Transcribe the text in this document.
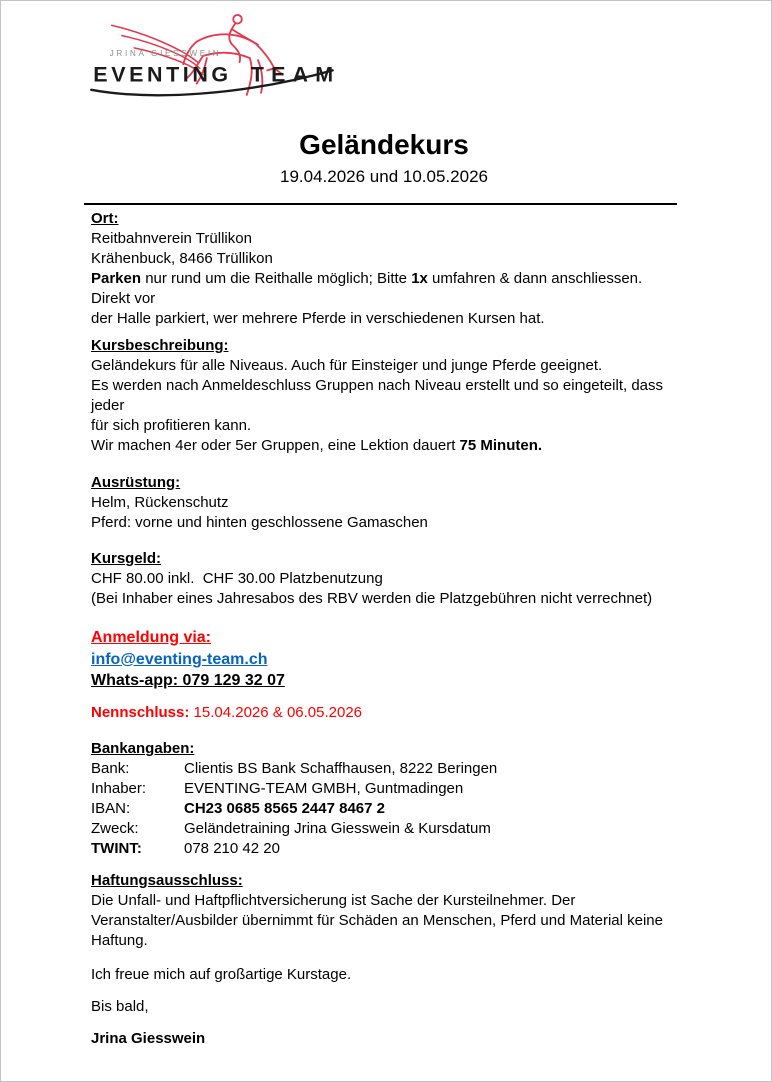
JRINA GIESSWEIN
EVENTING TEAM
Geländekurs
19.04.2026 und 10.05.2026
Ort:
Reitbahnverein Trüllikon
Krähenbuck, 8466 Trüllikon
Parken nur rund um die Reithalle möglich; Bitte 1x umfahren & dann anschliessen. Direkt vor
der Halle parkiert, wer mehrere Pferde in verschiedenen Kursen hat.
Kursbeschreibung:
Geländekurs für alle Niveaus. Auch für Einsteiger und junge Pferde geeignet.
Es werden nach Anmeldeschluss Gruppen nach Niveau erstellt und so eingeteilt, dass jeder
für sich profitieren kann.
Wir machen 4er oder 5er Gruppen, eine Lektion dauert 75 Minuten.
Ausrüstung:
Helm, Rückenschutz
Pferd: vorne und hinten geschlossene Gamaschen
Kursgeld:
CHF 80.00 inkl.  CHF 30.00 Platzbenutzung
(Bei Inhaber eines Jahresabos des RBV werden die Platzgebühren nicht verrechnet)
Anmeldung via:
info@eventing-team.ch
Whats-app: 079 129 32 07
Nennschluss: 15.04.2026 & 06.05.2026
Bankangaben:
Bank:	Clientis BS Bank Schaffhausen, 8222 Beringen
Inhaber:	EVENTING-TEAM GMBH, Guntmadingen
IBAN:	CH23 0685 8565 2447 8467 2
Zweck:	Geländetraining Jrina Giesswein & Kursdatum
TWINT:	078 210 42 20
Haftungsausschluss:
Die Unfall- und Haftpflichtversicherung ist Sache der Kursteilnehmer. Der
Veranstalter/Ausbilder übernimmt für Schäden an Menschen, Pferd und Material keine
Haftung.
Ich freue mich auf großartige Kurstage.
Bis bald,
Jrina Giesswein
